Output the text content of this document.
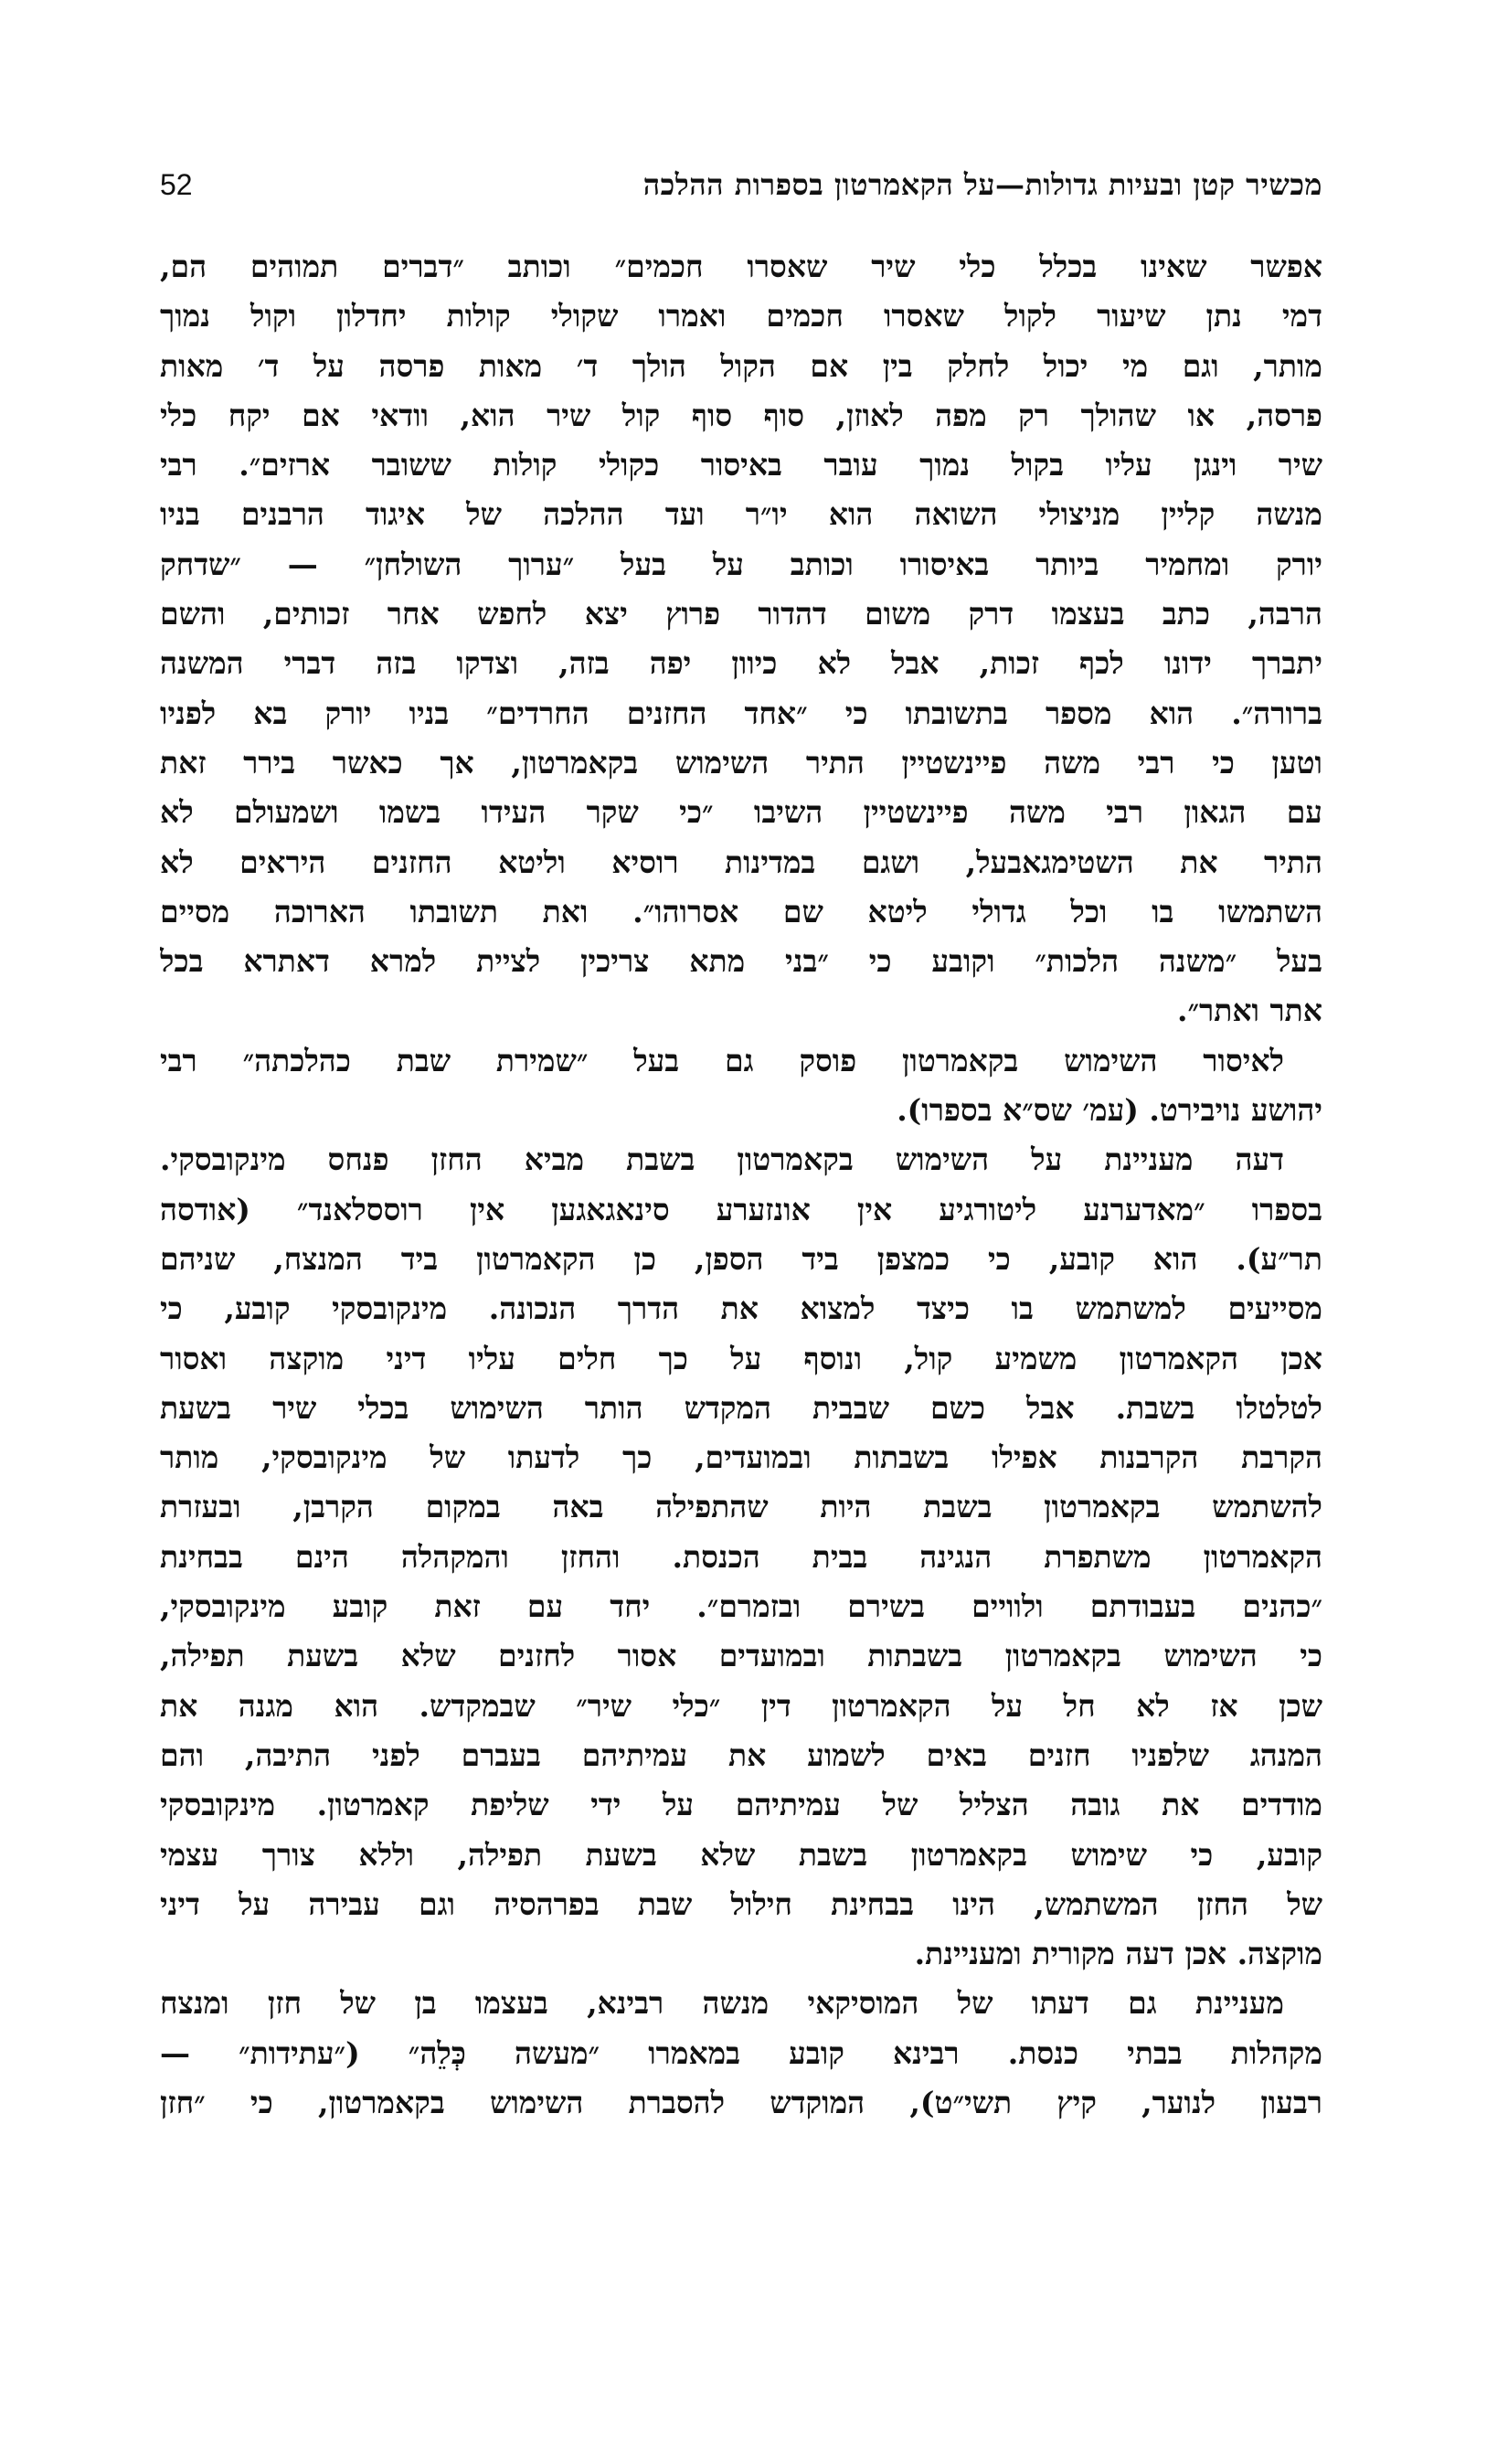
52	מכשיר קטן ובעיות גדולות—על הקאמרטון בספרות ההלכה
אפשר שאינו בכלל כלי שיר שאסרו חכמים״ וכותב ״דברים תמוהים הם,
דמי נתן שיעור לקול שאסרו חכמים ואמרו שקולי קולות יחדלון וקול נמוך
מותר, וגם מי יכול לחלק בין אם הקול הולך ד׳ מאות פרסה על ד׳ מאות
פרסה, או שהולך רק מפה לאוזן, סוף סוף קול שיר הוא, וודאי אם יקח כלי
שיר וינגן עליו בקול נמוך עובר באיסור כקולי קולות ששובר ארזים״. רבי
מנשה קליין מניצולי השואה הוא יו״ר ועד ההלכה של איגוד הרבנים בניו
יורק ומחמיר ביותר באיסורו וכותב על בעל ״ערוך השולחן״ — ״שדחק
הרבה, כתב בעצמו דרק משום דהדור פרוץ יצא לחפש אחר זכותים, והשם
יתברך ידונו לכף זכות, אבל לא כיוון יפה בזה, וצדקו בזה דברי המשנה
ברורה״. הוא מספר בתשובתו כי ״אחד החזנים החרדים״ בניו יורק בא לפניו
וטען כי רבי משה פיינשטיין התיר השימוש בקאמרטון, אך כאשר בירר זאת
עם הגאון רבי משה פיינשטיין השיבו ״כי שקר העידו בשמו ושמעולם לא
התיר את השטימגאבעל, ושגם במדינות רוסיא וליטא החזנים היראים לא
השתמשו בו וכל גדולי ליטא שם אסרוהו״. ואת תשובתו הארוכה מסיים
בעל ״משנה הלכות״ וקובע כי ״בני מתא צריכין לציית למרא דאתרא בכל
אתר ואתר״.
לאיסור השימוש בקאמרטון פוסק גם בעל ״שמירת שבת כהלכתה״ רבי
יהושע נויבירט. (עמ׳ שס״א בספרו).
דעה מעניינת על השימוש בקאמרטון בשבת מביא החזן פנחס מינקובסקי.
בספרו ״מאדערנע ליטורגיע אין אונזערע סינאגאגען אין רוססלאנד״ (אודסה
תר״ע). הוא קובע, כי כמצפן ביד הספן, כן הקאמרטון ביד המנצח, שניהם
מסייעים למשתמש בו כיצד למצוא את הדרך הנכונה. מינקובסקי קובע, כי
אכן הקאמרטון משמיע קול, ונוסף על כך חלים עליו דיני מוקצה ואסור
לטלטלו בשבת. אבל כשם שבבית המקדש הותר השימוש בכלי שיר בשעת
הקרבת הקרבנות אפילו בשבתות ובמועדים, כך לדעתו של מינקובסקי, מותר
להשתמש בקאמרטון בשבת היות שהתפילה באה במקום הקרבן, ובעזרת
הקאמרטון משתפרת הנגינה בבית הכנסת. והחזן והמקהלה הינם בבחינת
״כהנים בעבודתם ולוויים בשירם ובזמרם״. יחד עם זאת קובע מינקובסקי,
כי השימוש בקאמרטון בשבתות ובמועדים אסור לחזנים שלא בשעת תפילה,
שכן אז לא חל על הקאמרטון דין ״כלי שיר״ שבמקדש. הוא מגנה את
המנהג שלפניו חזנים באים לשמוע את עמיתיהם בעברם לפני התיבה, והם
מודדים את גובה הצליל של עמיתיהם על ידי שליפת קאמרטון. מינקובסקי
קובע, כי שימוש בקאמרטון בשבת שלא בשעת תפילה, וללא צורך עצמי
של החזן המשתמש, הינו בבחינת חילול שבת בפרהסיה וגם עבירה על דיני
מוקצה. אכן דעה מקורית ומעניינת.
מעניינת גם דעתו של המוסיקאי מנשה רבינא, בעצמו בן של חזן ומנצח
מקהלות בבתי כנסת. רבינא קובע במאמרו ״מעשה כְּלֵה״ (״עתידות״ —
רבעון לנוער, קיץ תשי״ט), המוקדש להסברת השימוש בקאמרטון, כי ״חזן
